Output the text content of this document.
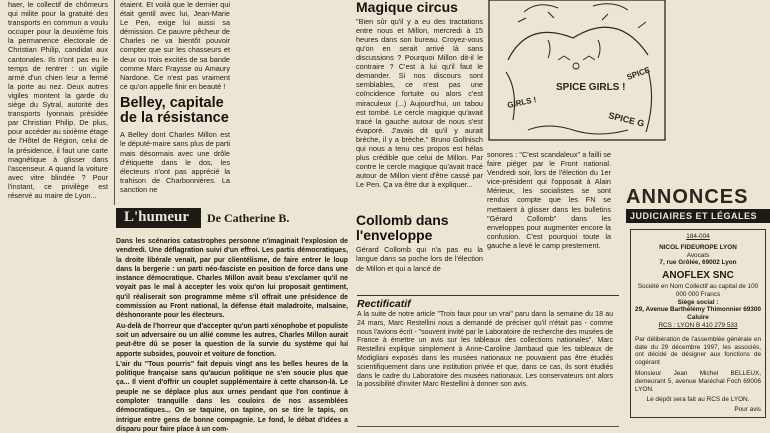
haer, le collectif de chômeurs qui milite pour la gratuité des transports en commun a voulu occuper pour la deuxième fois la permanence électorale de Christian Philip, candidat aux cantonales. Ils n'ont pas eu le temps de rentrer : un vigile armé d'un chien leur a fermé la porte au nez. Deux autres vigiles montent la garde du siège du Sytral, autorité des transports lyonnais présidée par Christian Philip. De plus, pour accéder au sixième étage de l'Hôtel de Région, celui de la présidence, il faut une carte magnétique à glisser dans l'ascenseur. A quand la voiture avec vitre blindée ? Pour l'instant, ce privilège est réservé au maire de Lyon...

étaient. Et voilà que le dernier qui était gentil avec lui, Jean-Marie Le Pen, exige lui aussi sa démission. Ce pauvre pêcheur de Charles ne va bientôt pouvoir compter que sur les chasseurs et deux ou trois excités de sa bande comme Marc Fraysse ou Amaury Nardone. Ce n'est pas vraiment ce qu'on appelle finir en beauté !

Belley, capitale de la résistance

A Belley dont Charles Millon est le député-maire sans plus de parti mais désormais avec une drôle d'étiquette dans le dos, les électeurs n'ont pas apprécié la trahison de Charbonnières. La sanction ne

Magique circus

"Bien sûr qu'il y a eu des tractations entre nous et Millon, mercredi à 15 heures dans son bureau. Croyez-vous qu'on en serait arrivé là sans discussions ? Pourquoi Millon dit-il le contraire ? C'est à lui qu'il faut le demander. Si nos discours sont semblables, ce n'est pas une coïncidence fortuite ou alors c'est miraculeux (...) Aujourd'hui, un tabou est tombé. Le cercle magique qu'avait tracé la gauche autour de nous s'est évaporé. J'avais dit qu'il y aurait brèche, il y a brèche." Bruno Gollnisch qui nous a tenu ces propos est hélas plus crédible que celui de Millon. Par contre le cercle magique qu'avait tracé autour de Millon vient d'être cassé par Le Pen. Ça va être dur à expliquer...

SPICE GIRLS !
GIRLS !
SPICE
SPICE G

sonores : "C'est scandaleux" a failli se faire piéger par le Front national. Vendredi soir, lors de l'élection du 1er vice-président qui l'opposait à Alain Mérieux, les socialistes se sont rendus compte que les FN se mettaient à glisser dans les bulletins "Gérard Collomb" dans les enveloppes pour augmenter encore la confusion. C'est pourquoi toute la gauche a levé le camp prestement.

Collomb dans l'enveloppe

Gérard Collomb qui n'a pas eu la langue dans sa poche lors de l'élection de Millon et qui a lancé de

ANNONCES
JUDICIAIRES ET LÉGALES
184-004
NICOL FIDEUROPE LYON
Avocats
7, rue Grôlée, 69002 Lyon
ANOFLEX SNC
Société en Nom Collectif au capital de 100 000 000 Francs
Siège social :
29, Avenue Barthélémy Thimonnier 69300 Caluire
RCS : LYON B 410 279 533
Par délibération de l'assemblée générale en date du 29 décembre 1997, les associés, ont décidé de désigner aux fonctions de cogérant
Monsieur Jean Michel BELLEUX, demeurant 5, avenue Maréchal Foch 69006 LYON.
Le dépôt sera fait au RCS de LYON.
Pour avis
Rectificatif

A la suite de notre article "Trois faux pour un vrai" paru dans la semaine du 18 au 24 mars, Marc Restellini nous a demandé de préciser qu'il n'était pas - comme nous l'avions écrit - "souvent invité par le Laboratoire de recherche des musées de France à émettre un avis sur les tableaux des collections nationales". Marc Restellini explique simplement à Anne-Caroline Jambaud que les tableaux de Modigliani exposés dans les musées nationaux ne pouvaient pas être étudiés scientifiquement dans une institution privée et que, dans ce cas, ils sont étudiés dans le cadre du Laboratoire des musées nationaux. Les conservateurs ont alors la possibilité d'inviter Marc Restellini à donner son avis.

L'humeur	De Catherine B.

Dans les scénarios catastrophes personne n'imaginait l'explosion de vendredi. Une déflagration suivi d'un effroi. Les partis démocratiques, la droite libérale venait, par pur clientélisme, de faire entrer le loup dans la bergerie : un parti néo-fasciste en position de force dans une instance démocratique. Charles Millon avait beau s'exclamer qu'il ne voyait pas le mal à accepter les voix qu'on lui proposait gentiment, qu'il réaliserait son programme même s'il offrait une présidence de commission au Front national, la défense était maladroite, malsaine, déshonorante pour les électeurs.

Au-delà de l'horreur que d'accepter qu'un parti xénophobe et populiste soit un adversaire ou un allié comme les autres, Charles Millon aurait peut-être dû se poser la question de la survie du système qui lui apporte subsides, pouvoir et voiture de fonction.

L'air du "Tous pourris" fait depuis vingt ans les belles heures de la politique française sans qu'aucun politique ne s'en soucie plus que ça... Il vient d'offrir un couplet supplémentaire à cette chanson-là. Le peuple ne se déplace plus aux urnes pendant que l'on continue à comploter tranquille dans les couloirs de nos assemblées démocratiques... On se taquine, on tapine, on se tire le tapis, on intrigue entre gens de bonne compagnie. Le fond, le débat d'idées a disparu pour faire place à un com-
